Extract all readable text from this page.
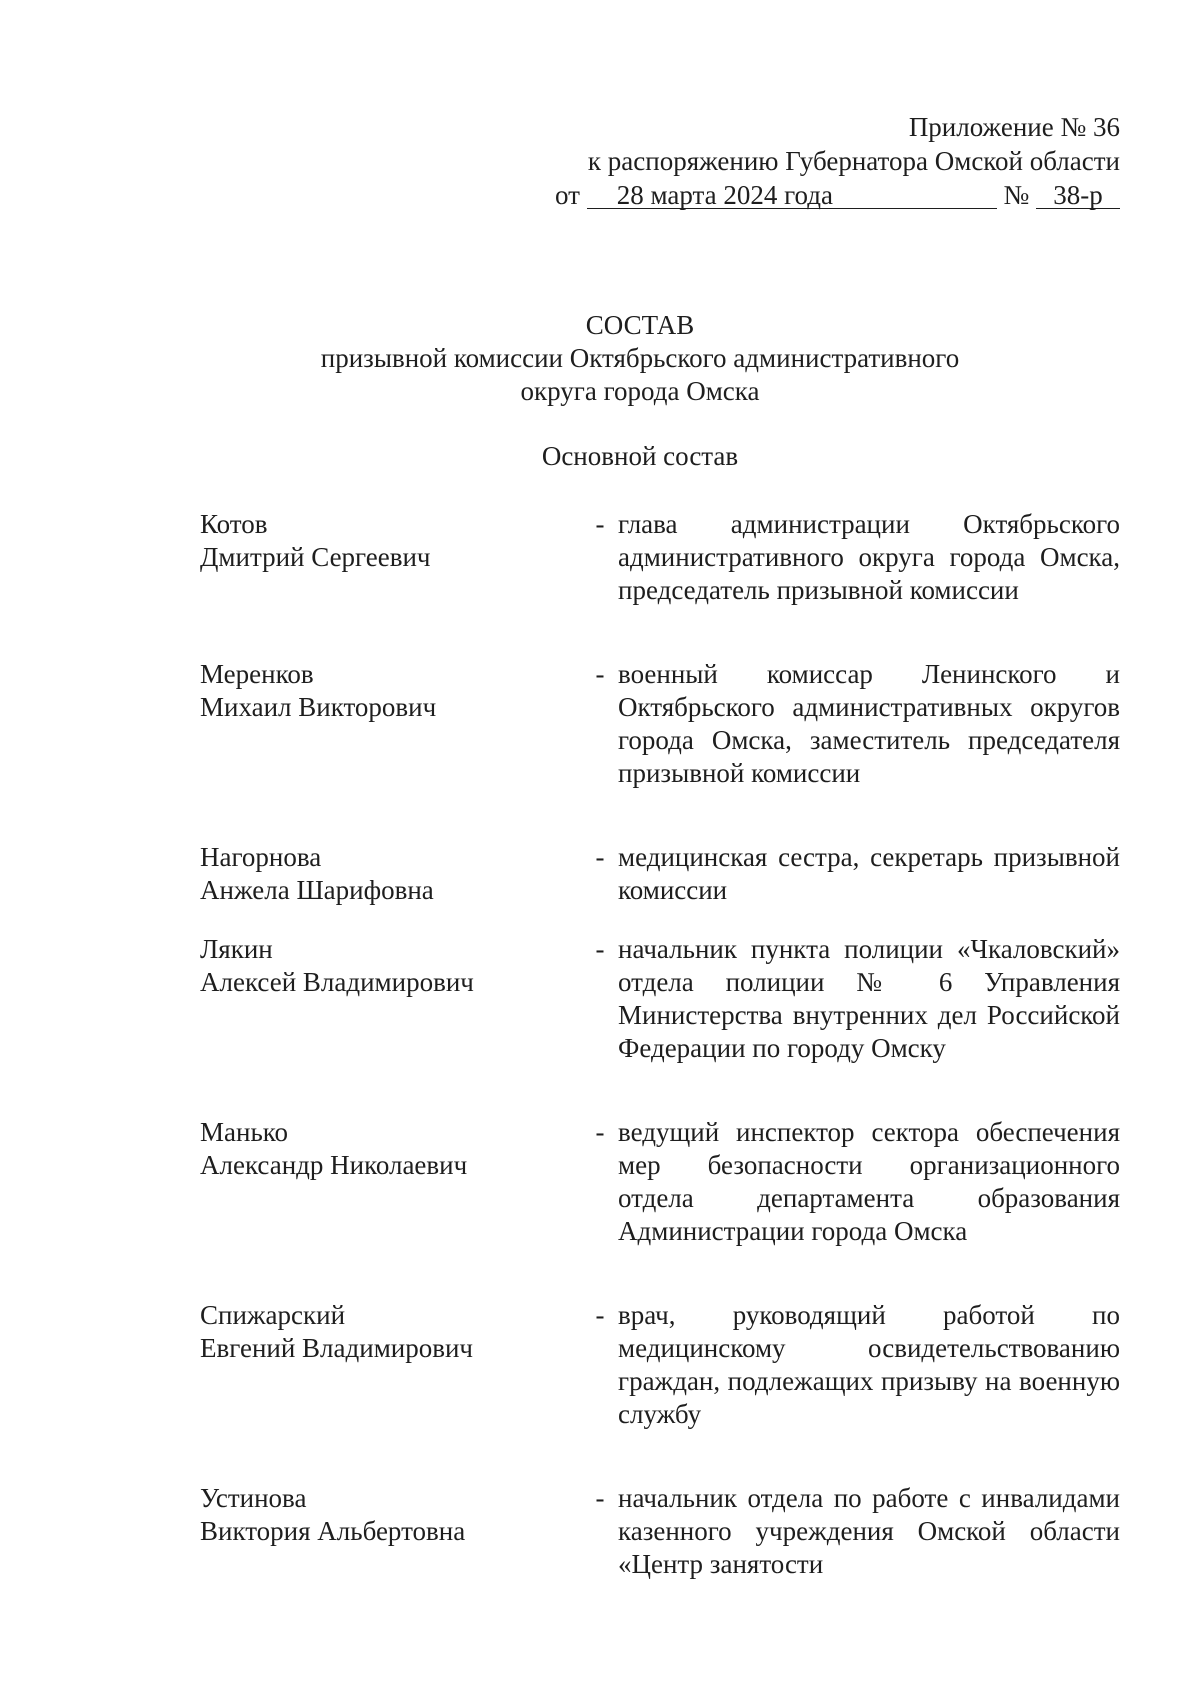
Приложение № 36
к распоряжению Губернатора Омской области
от 28 марта 2024 года	№ 38-р
СОСТАВ
призывной комиссии Октябрьского административного
округа города Омска
Основной состав
Котов
Дмитрий Сергеевич
- глава администрации Октябрьского административного округа города Омска, председатель призывной комиссии
Меренков
Михаил Викторович
- военный комиссар Ленинского и Октябрьского административных округов города Омска, заместитель председателя призывной комиссии
Нагорнова
Анжела Шарифовна
- медицинская сестра, секретарь призывной комиссии
Лякин
Алексей Владимирович
- начальник пункта полиции «Чкаловский» отдела полиции № 6 Управления Министерства внутренних дел Российской Федерации по городу Омску
Манько
Александр Николаевич
- ведущий инспектор сектора обеспечения мер безопасности организационного отдела департамента образования Администрации города Омска
Спижарский
Евгений Владимирович
- врач, руководящий работой по медицинскому освидетельствованию граждан, подлежащих призыву на военную службу
Устинова
Виктория Альбертовна
- начальник отдела по работе с инвалидами казенного учреждения Омской области «Центр занятости
